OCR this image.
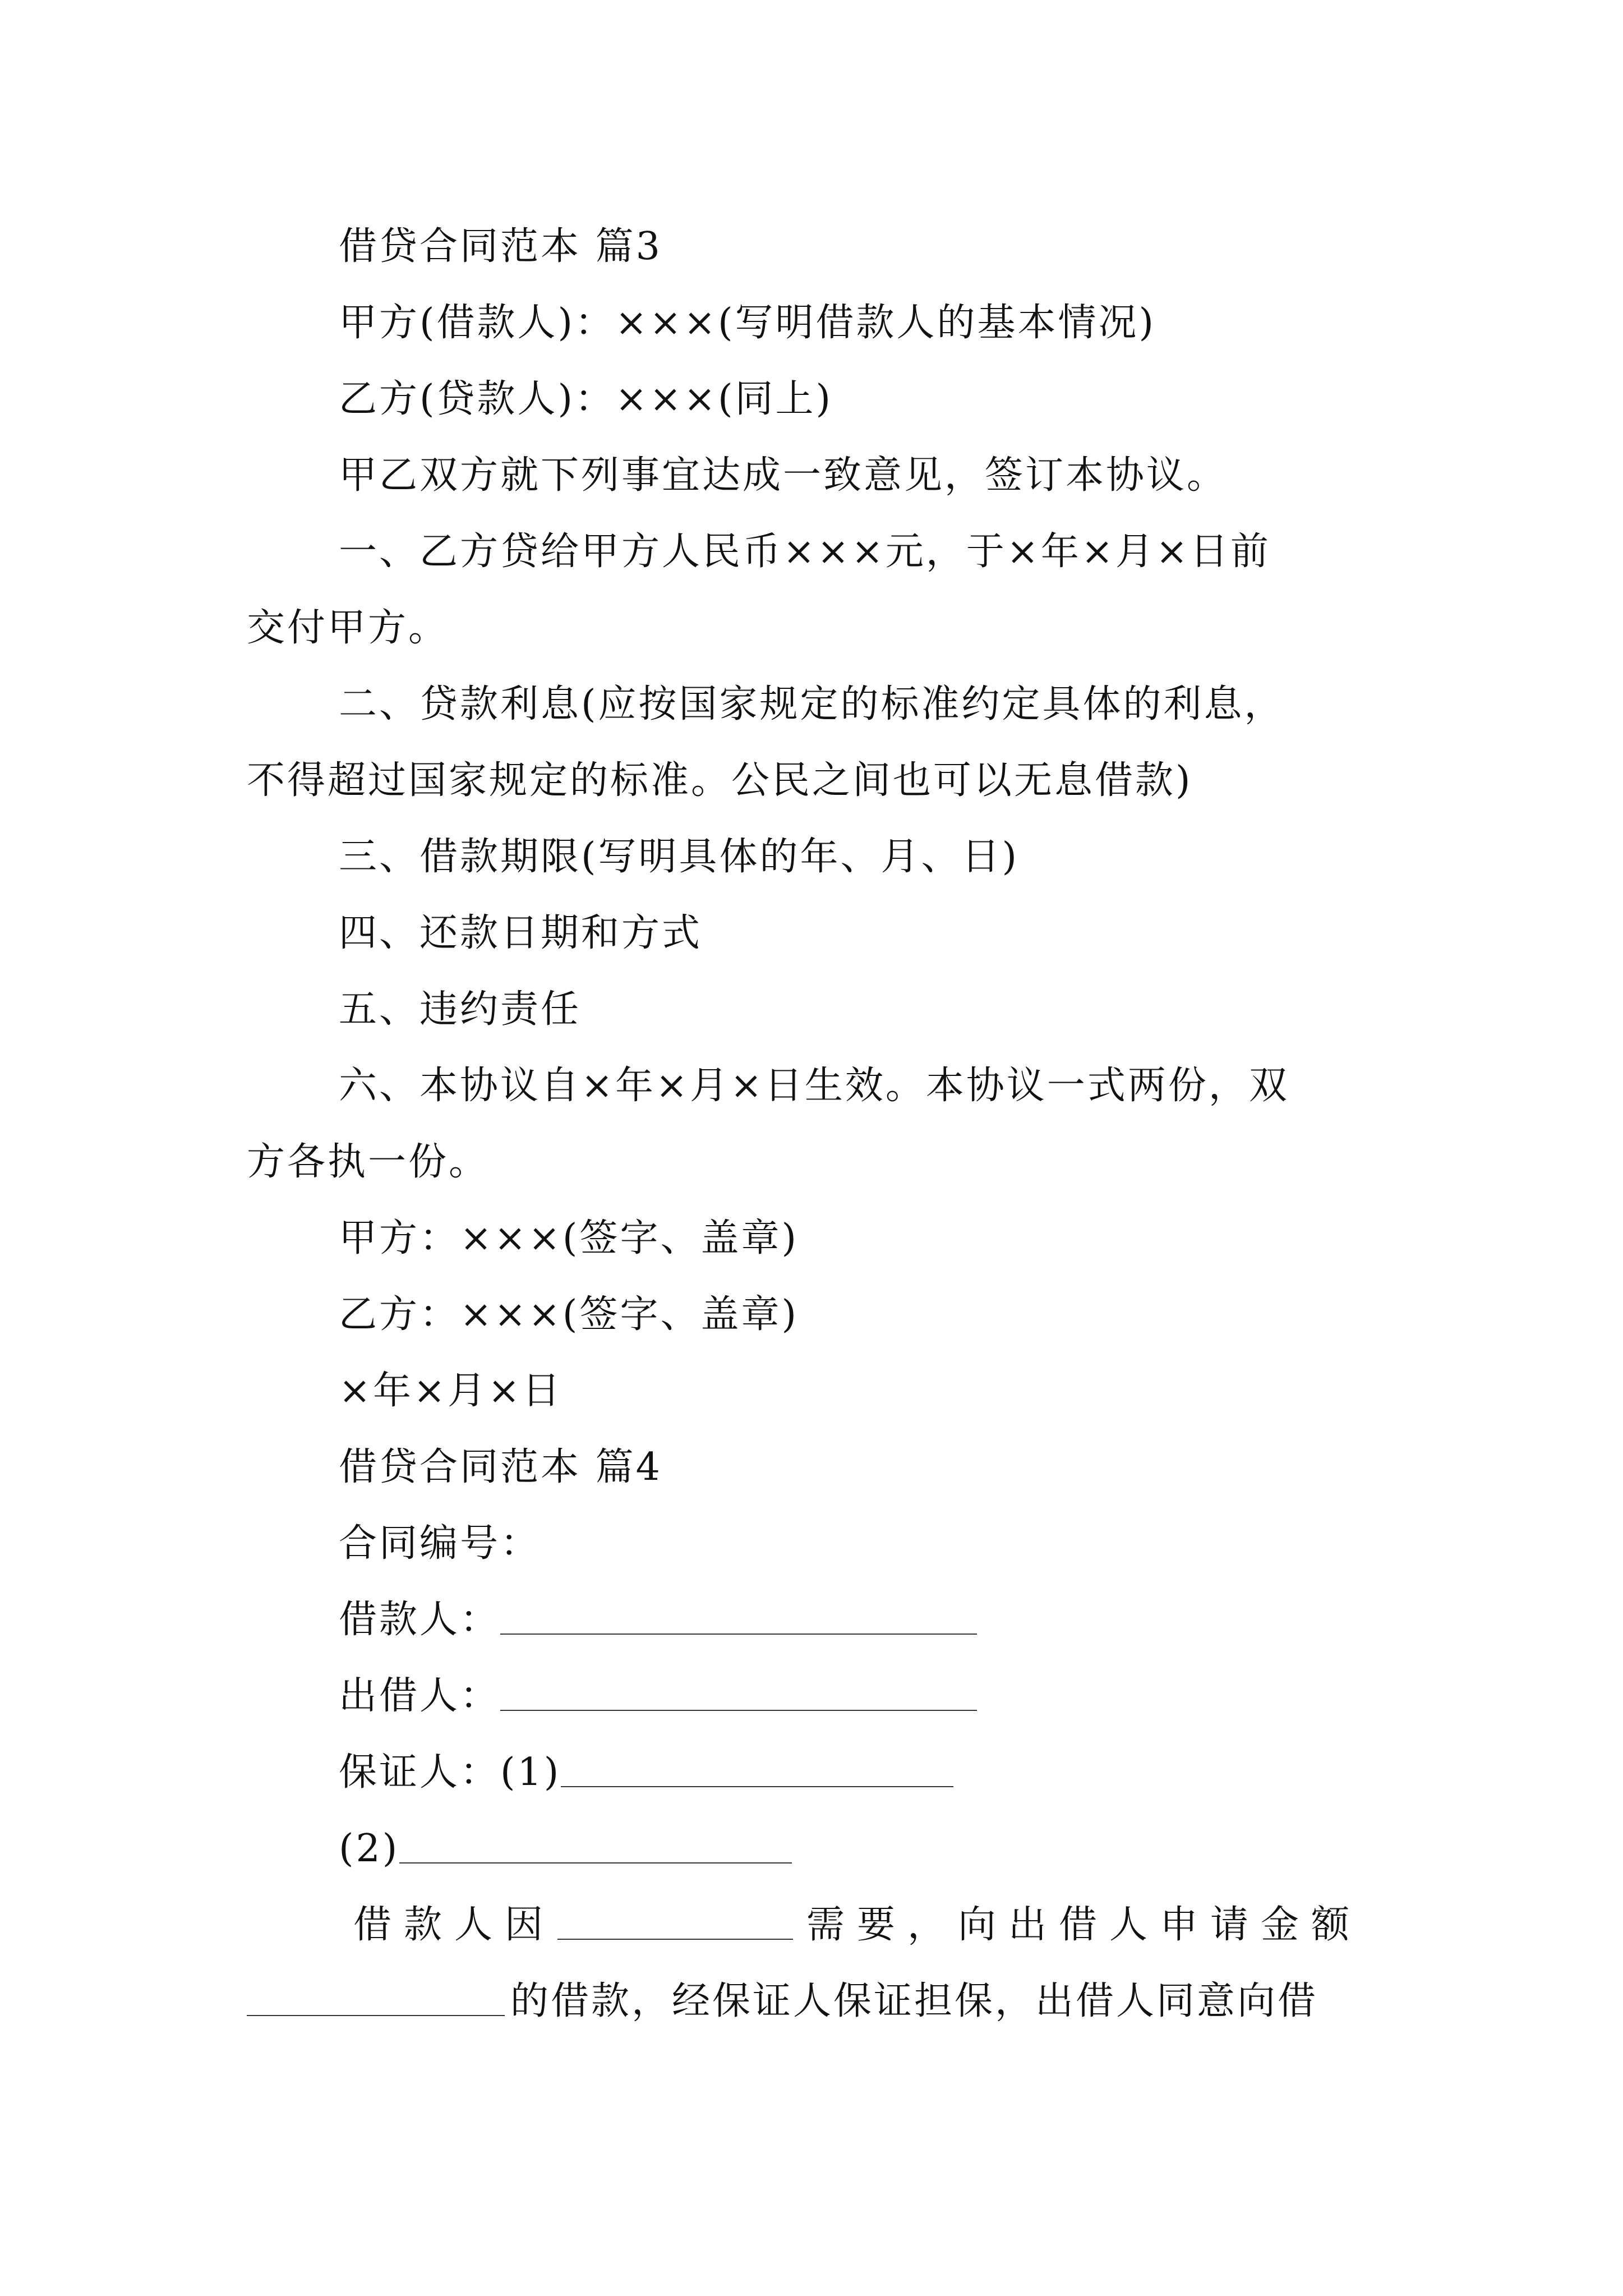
借贷合同范本 篇3
甲方(借款人)：×××(写明借款人的基本情况)
乙方(贷款人)：×××(同上)
甲乙双方就下列事宜达成一致意见，签订本协议。
一、乙方贷给甲方人民币×××元，于×年×月×日前
交付甲方。
二、贷款利息(应按国家规定的标准约定具体的利息，
不得超过国家规定的标准。公民之间也可以无息借款)
三、借款期限(写明具体的年、月、日)
四、还款日期和方式
五、违约责任
六、本协议自×年×月×日生效。本协议一式两份，双
方各执一份。
甲方：×××(签字、盖章)
乙方：×××(签字、盖章)
×年×月×日
借贷合同范本 篇4
合同编号：
借款人：
出借人：
保证人：(1)
(2)
借款人因	需要，向出借人申请金额
的借款，经保证人保证担保，出借人同意向借
